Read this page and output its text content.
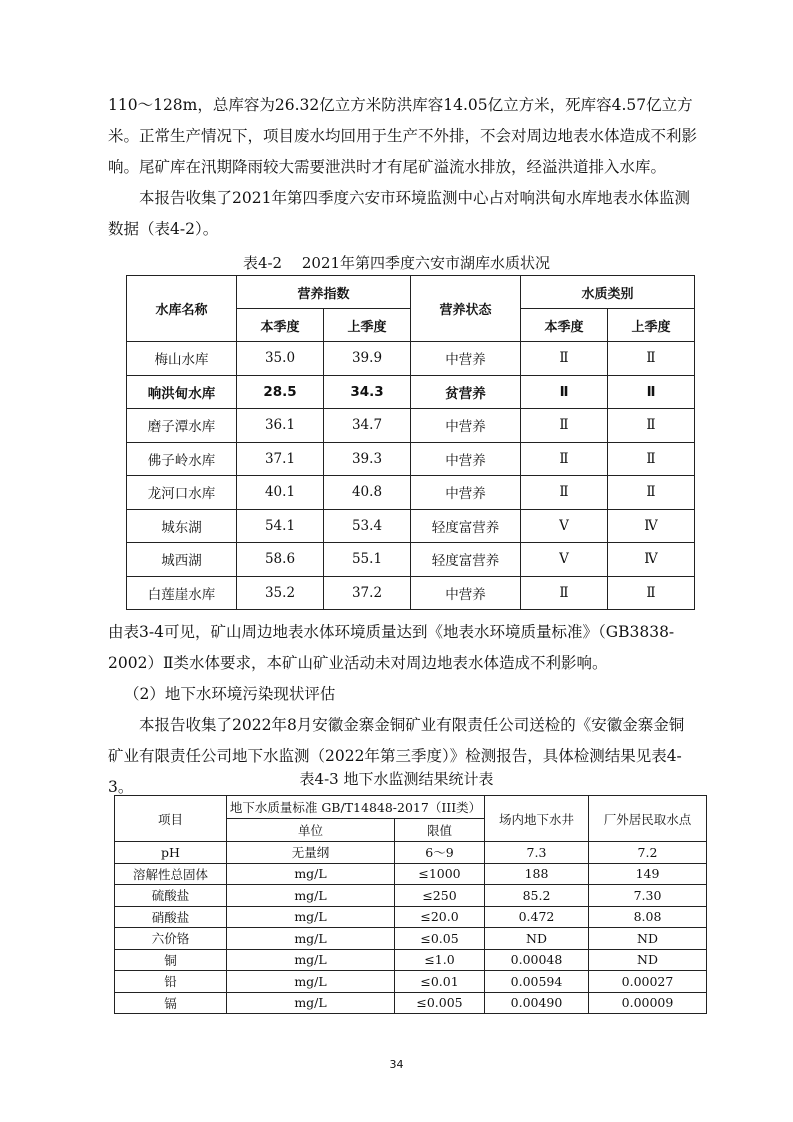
110～128m，总库容为26.32亿立方米防洪库容14.05亿立方米，死库容4.57亿立方米。正常生产情况下，项目废水均回用于生产不外排，不会对周边地表水体造成不利影响。尾矿库在汛期降雨较大需要泄洪时才有尾矿溢流水排放，经溢洪道排入水库。

本报告收集了2021年第四季度六安市环境监测中心占对响洪甸水库地表水体监测数据（表4-2）。

表4-2　 2021年第四季度六安市湖库水质状况
水库名称	营养指数		营养状态	水质类别	
	本季度	上季度		本季度	上季度
梅山水库	35.0	39.9	中营养	Ⅱ	Ⅱ
响洪甸水库	28.5	34.3	贫营养	Ⅱ	Ⅱ
磨子潭水库	36.1	34.7	中营养	Ⅱ	Ⅱ
佛子岭水库	37.1	39.3	中营养	Ⅱ	Ⅱ
龙河口水库	40.1	40.8	中营养	Ⅱ	Ⅱ
城东湖	54.1	53.4	轻度富营养	Ⅴ	Ⅳ
城西湖	58.6	55.1	轻度富营养	Ⅴ	Ⅳ
白莲崖水库	35.2	37.2	中营养	Ⅱ	Ⅱ

由表3-4可见，矿山周边地表水体环境质量达到《地表水环境质量标准》（GB3838-2002）Ⅱ类水体要求，本矿山矿业活动未对周边地表水体造成不利影响。

（2）地下水环境污染现状评估

本报告收集了2022年8月安徽金寨金铜矿业有限责任公司送检的《安徽金寨金铜矿业有限责任公司地下水监测（2022年第三季度）》检测报告，具体检测结果见表4-3。	表4-3 地下水监测结果统计表
项目	地下水质量标准 GB/T14848-2017（III类）		场内地下水井	厂外居民取水点
	单位	限值		
pH	无量纲	6～9	7.3	7.2
溶解性总固体	mg/L	≤1000	188	149
硫酸盐	mg/L	≤250	85.2	7.30
硝酸盐	mg/L	≤20.0	0.472	8.08
六价铬	mg/L	≤0.05	ND	ND
铜	mg/L	≤1.0	0.00048	ND
铅	mg/L	≤0.01	0.00594	0.00027
镉	mg/L	≤0.005	0.00490	0.00009
34
